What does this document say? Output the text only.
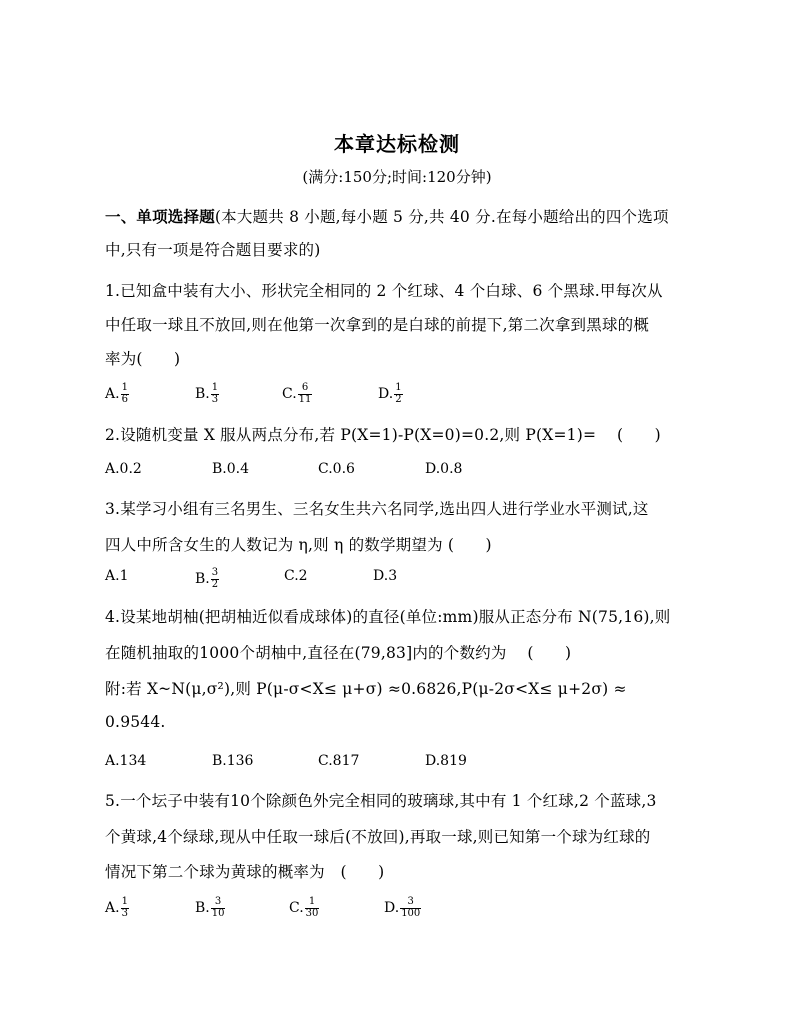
本章达标检测
(满分:150分;时间:120分钟)
一、单项选择题(本大题共 8 小题,每小题 5 分,共 40 分.在每小题给出的四个选项
中,只有一项是符合题目要求的)
1.已知盒中装有大小、形状完全相同的 2 个红球、4 个白球、6 个黑球.甲每次从
中任取一球且不放回,则在他第一次拿到的是白球的前提下,第二次拿到黑球的概
率为(　　)
A. $\frac{1}{6}$	B. $\frac{1}{3}$	C. $\frac{6}{11}$	D. $\frac{1}{2}$
2.设随机变量 X 服从两点分布,若 P(X=1)-P(X=0)=0.2,则 P(X=1)=　 (　　)
A.0.2	B.0.4	C.0.6	D.0.8
3.某学习小组有三名男生、三名女生共六名同学,选出四人进行学业水平测试,这
四人中所含女生的人数记为 η,则 η 的数学期望为 (　　)
A.1	B. $\frac{3}{2}$	C.2	D.3
4.设某地胡柚(把胡柚近似看成球体)的直径(单位:mm)服从正态分布 N(75,16),则
在随机抽取的1000个胡柚中,直径在(79,83]内的个数约为　 (　　)
附:若 X~N(μ,σ²),则 P(μ-σ<X≤ μ+σ) ≈0.6826,P(μ-2σ<X≤ μ+2σ) ≈
0.9544.
A.134	B.136	C.817	D.819
5.一个坛子中装有10个除颜色外完全相同的玻璃球,其中有 1 个红球,2 个蓝球,3
个黄球,4个绿球,现从中任取一球后(不放回),再取一球,则已知第一个球为红球的
情况下第二个球为黄球的概率为　(　　)
A. $\frac{1}{3}$	B. $\frac{3}{10}$	C. $\frac{1}{30}$	D. $\frac{3}{100}$
